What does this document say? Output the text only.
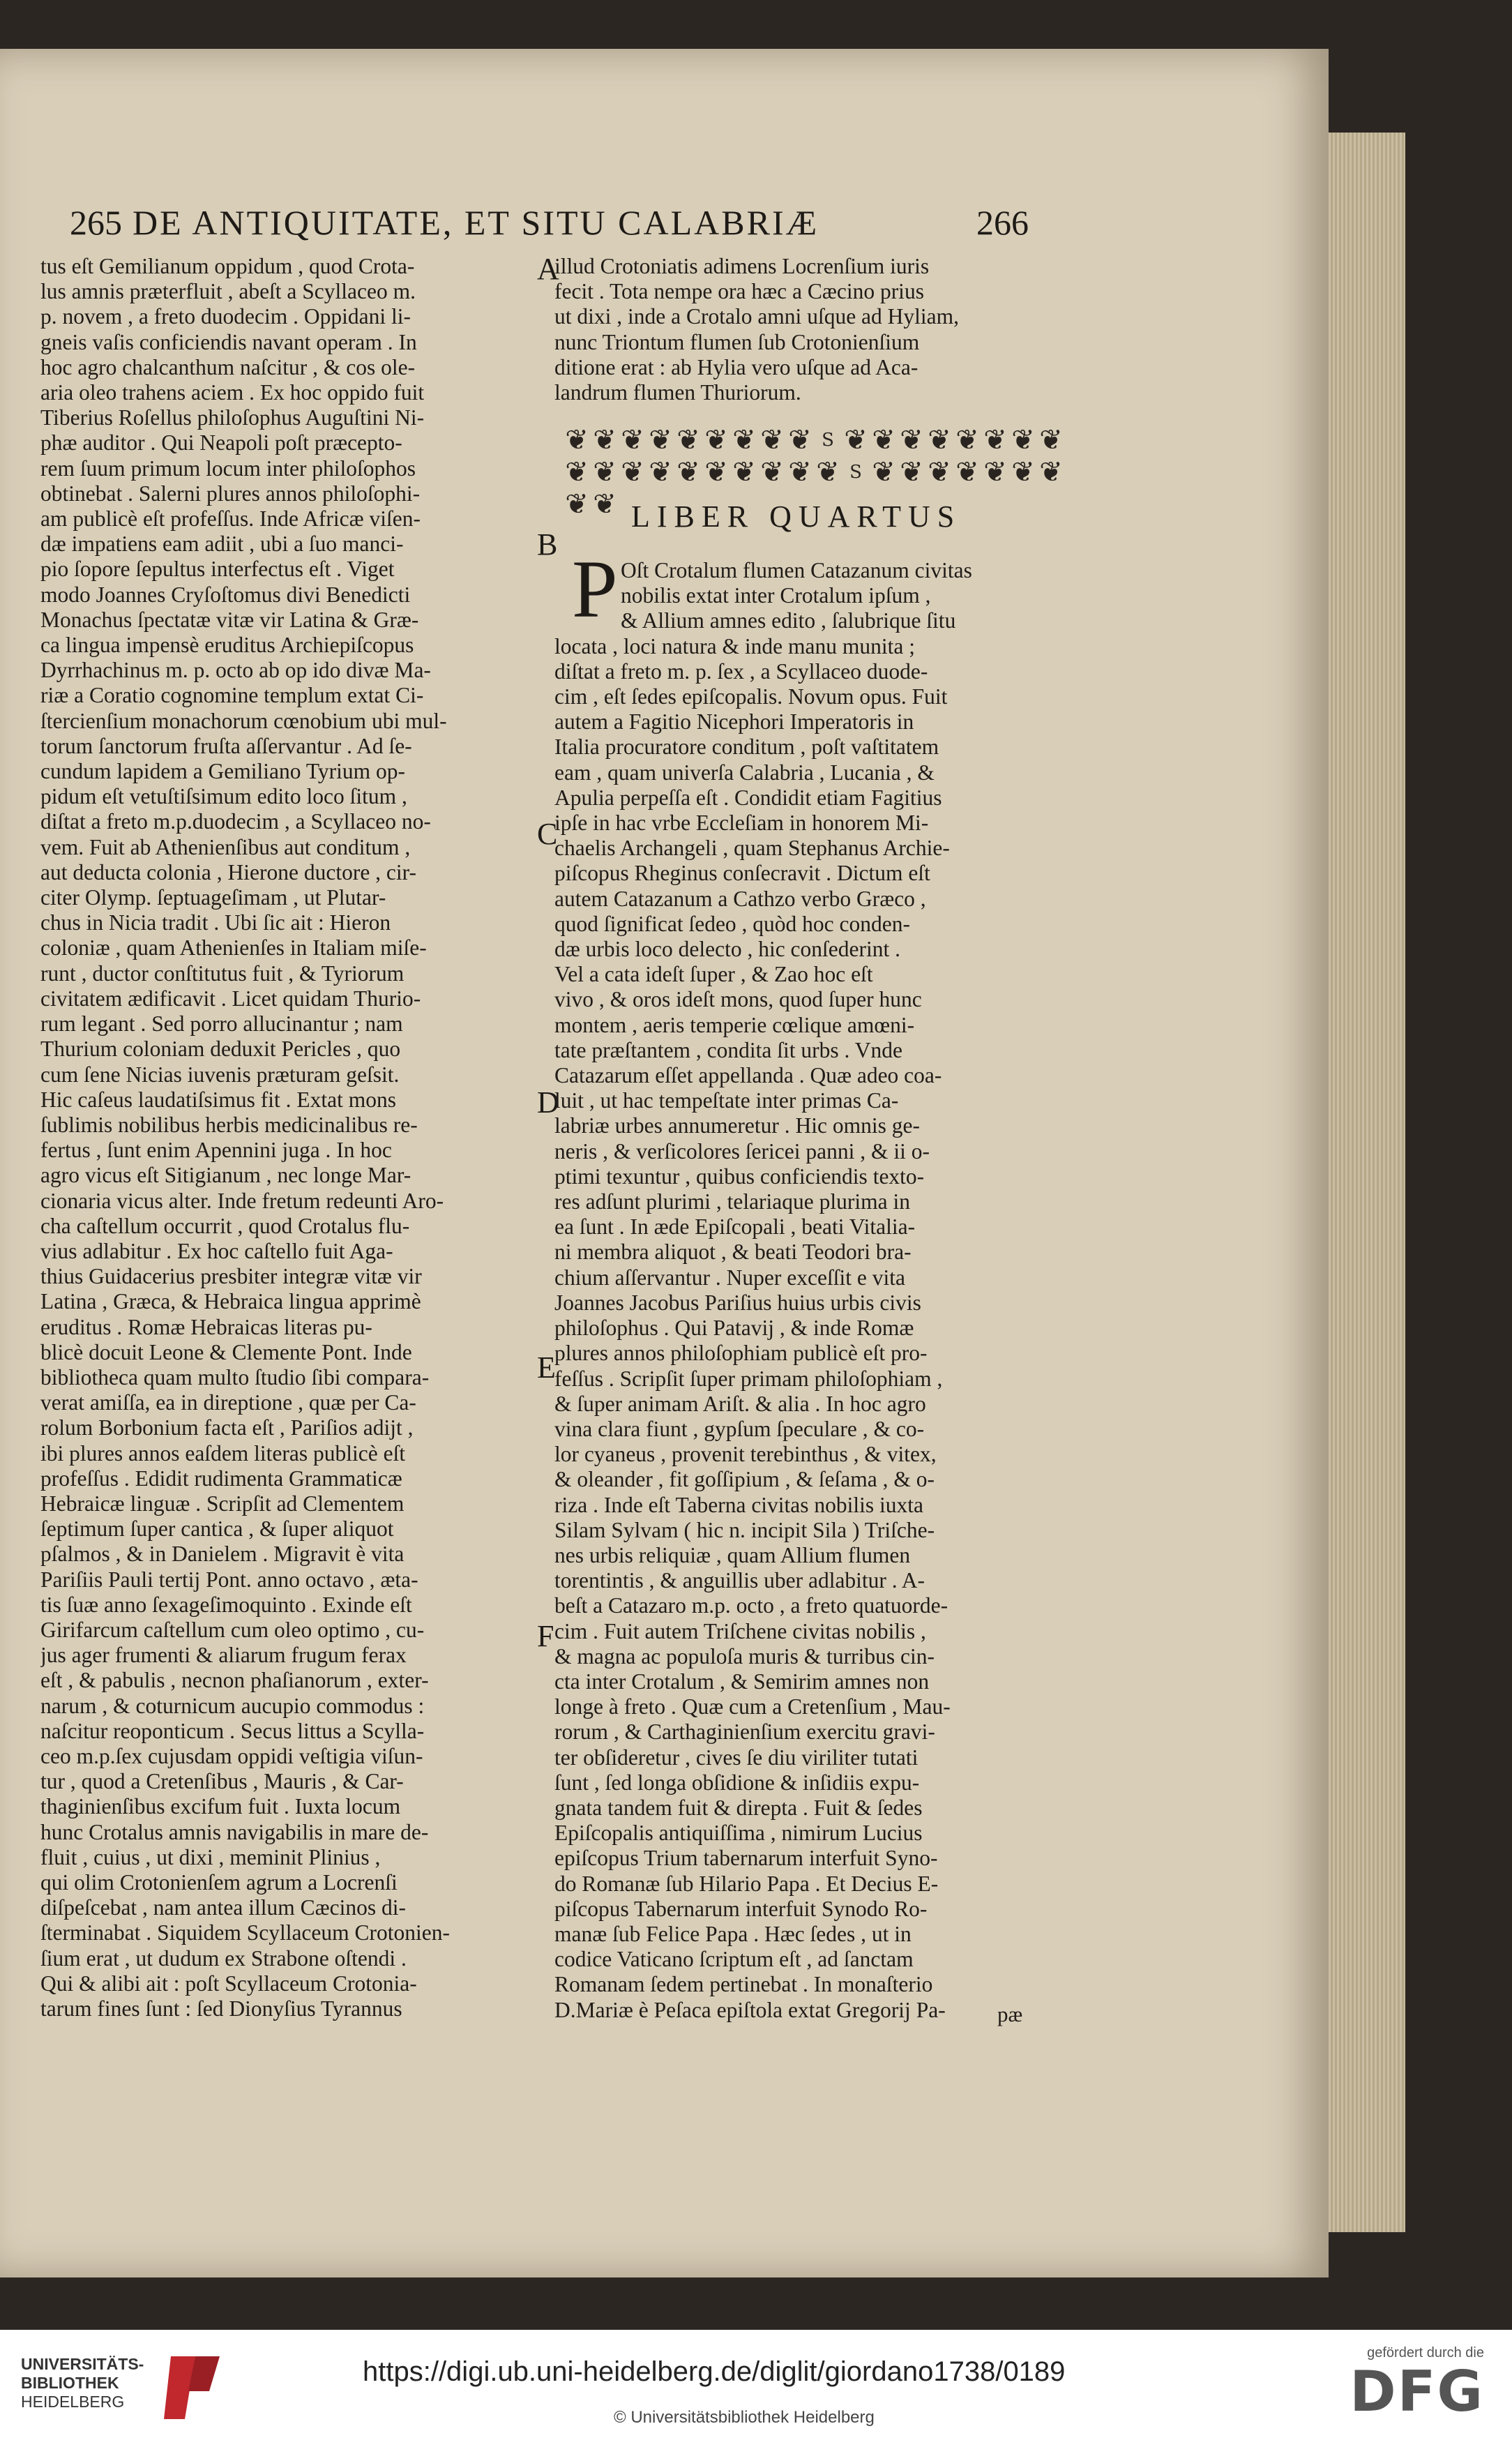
265 DE ANTIQUITATE, ET SITU CALABRIÆ	266
tus eſt Gemilianum oppidum , quod Crota-
lus amnis præterfluit , abeſt a Scyllaceo m.
p. novem , a freto duodecim . Oppidani li-
gneis vaſis conficiendis navant operam . In
hoc agro chalcanthum naſcitur , & cos ole-
aria oleo trahens aciem . Ex hoc oppido fuit
Tiberius Roſellus philoſophus Auguſtini Ni-
phæ auditor . Qui Neapoli poſt præcepto-
rem ſuum primum locum inter philoſophos
obtinebat . Salerni plures annos philoſophi-
am publicè eſt profeſſus. Inde Africæ viſen-
dæ impatiens eam adiit , ubi a ſuo manci-
pio ſopore ſepultus interfectus eſt . Viget
modo Joannes Cryſoſtomus divi Benedicti
Monachus ſpectatæ vitæ vir Latina & Græ-
ca lingua impensè eruditus Archiepiſcopus
Dyrrhachinus m. p. octo ab op ido divæ Ma-
riæ a Coratio cognomine templum extat Ci-
ſtercienſium monachorum cœnobium ubi mul-
torum ſanctorum fruſta aſſervantur . Ad ſe-
cundum lapidem a Gemiliano Tyrium op-
pidum eſt vetuſtiſsimum edito loco ſitum ,
diſtat a freto m.p.duodecim , a Scyllaceo no-
vem. Fuit ab Athenienſibus aut conditum ,
aut deducta colonia , Hierone ductore , cir-
citer Olymp. ſeptuageſimam , ut Plutar-
chus in Nicia tradit . Ubi ſic ait : Hieron
coloniæ , quam Athenienſes in Italiam miſe-
runt , ductor conſtitutus fuit , & Tyriorum
civitatem ædificavit . Licet quidam Thurio-
rum legant . Sed porro allucinantur ; nam
Thurium coloniam deduxit Pericles , quo
cum ſene Nicias iuvenis præturam geſsit.
Hic caſeus laudatiſsimus fit . Extat mons
ſublimis nobilibus herbis medicinalibus re-
fertus , ſunt enim Apennini juga . In hoc
agro vicus eſt Sitigianum , nec longe Mar-
cionaria vicus alter. Inde fretum redeunti Aro-
cha caſtellum occurrit , quod Crotalus flu-
vius adlabitur . Ex hoc caſtello fuit Aga-
thius Guidacerius presbiter integræ vitæ vir
Latina , Græca, & Hebraica lingua apprimè
eruditus . Romæ Hebraicas literas pu-
blicè docuit Leone & Clemente Pont. Inde
bibliotheca quam multo ſtudio ſibi compara-
verat amiſſa, ea in direptione , quæ per Ca-
rolum Borbonium facta eſt , Pariſios adijt ,
ibi plures annos eaſdem literas publicè eſt
profeſſus . Edidit rudimenta Grammaticæ
Hebraicæ linguæ . Scripſit ad Clementem
ſeptimum ſuper cantica , & ſuper aliquot
pſalmos , & in Danielem . Migravit è vita
Pariſiis Pauli tertij Pont. anno octavo , æta-
tis ſuæ anno ſexageſimoquinto . Exinde eſt
Girifarcum caſtellum cum oleo optimo , cu-
jus ager frumenti & aliarum frugum ferax
eſt , & pabulis , necnon phaſianorum , exter-
narum , & coturnicum aucupio commodus :
naſcitur reoponticum . Secus littus a Scylla-
ceo m.p.ſex cujusdam oppidi veſtigia viſun-
tur , quod a Cretenſibus , Mauris , & Car-
thaginienſibus excifum fuit . Iuxta locum
hunc Crotalus amnis navigabilis in mare de-
fluit , cuius , ut dixi , meminit Plinius ,
qui olim Crotonienſem agrum a Locrenſi
diſpeſcebat , nam antea illum Cæcinos di-
ſterminabat . Siquidem Scyllaceum Crotonien-
ſium erat , ut dudum ex Strabone oſtendi .
Qui & alibi ait : poſt Scyllaceum Crotonia-
tarum fines ſunt : ſed Dionyſius Tyrannus
illud Crotoniatis adimens Locrenſium iuris
fecit . Tota nempe ora hæc a Cæcino prius
ut dixi , inde a Crotalo amni uſque ad Hyliam,
nunc Triontum flumen ſub Crotonienſium
ditione erat : ab Hylia vero uſque ad Aca-
landrum flumen Thuriorum.
❦ ❦ ❦ ❦ ❦ ❦ ❦ ❦ ❦ S ❦ ❦ ❦ ❦ ❦ ❦ ❦ ❦
❦ ❦ ❦ ❦ ❦ ❦ ❦ ❦ ❦ ❦ S ❦ ❦ ❦ ❦ ❦ ❦ ❦
❦ ❦ LIBER QUARTUS
P Oſt Crotalum flumen Catazanum civitas
nobilis extat inter Crotalum ipſum ,
& Allium amnes edito , ſalubrique ſitu
locata , loci natura & inde manu munita ;
diſtat a freto m. p. ſex , a Scyllaceo duode-
cim , eſt ſedes epiſcopalis. Novum opus. Fuit
autem a Fagitio Nicephori Imperatoris in
Italia procuratore conditum , poſt vaſtitatem
eam , quam univerſa Calabria , Lucania , &
Apulia perpeſſa eſt . Condidit etiam Fagitius
ipſe in hac vrbe Eccleſiam in honorem Mi-
chaelis Archangeli , quam Stephanus Archie-
piſcopus Rheginus conſecravit . Dictum eſt
autem Catazanum a Cathzo verbo Græco ,
quod ſignificat ſedeo , quòd hoc conden-
dæ urbis loco delecto , hic conſederint .
Vel a cata ideſt ſuper , & Zao hoc eſt
vivo , & oros ideſt mons, quod ſuper hunc
montem , aeris temperie cœlique amœni-
tate præſtantem , condita ſit urbs . Vnde
Catazarum eſſet appellanda . Quæ adeo coa-
luit , ut hac tempeſtate inter primas Ca-
labriæ urbes annumeretur . Hic omnis ge-
neris , & verſicolores ſericei panni , & ii o-
ptimi texuntur , quibus conficiendis texto-
res adſunt plurimi , telariaque plurima in
ea ſunt . In æde Epiſcopali , beati Vitalia-
ni membra aliquot , & beati Teodori bra-
chium aſſervantur . Nuper exceſſit e vita
Joannes Jacobus Pariſius huius urbis civis
philoſophus . Qui Patavij , & inde Romæ
plures annos philoſophiam publicè eſt pro-
feſſus . Scripſit ſuper primam philoſophiam ,
& ſuper animam Ariſt. & alia . In hoc agro
vina clara fiunt , gypſum ſpeculare , & co-
lor cyaneus , provenit terebinthus , & vitex,
& oleander , fit goſſipium , & ſeſama , & o-
riza . Inde eſt Taberna civitas nobilis iuxta
Silam Sylvam ( hic n. incipit Sila ) Triſche-
nes urbis reliquiæ , quam Allium flumen
torentintis , & anguillis uber adlabitur . A-
beſt a Catazaro m.p. octo , a freto quatuorde-
cim . Fuit autem Triſchene civitas nobilis ,
& magna ac populoſa muris & turribus cin-
cta inter Crotalum , & Semirim amnes non
longe à freto . Quæ cum a Cretenſium , Mau-
rorum , & Carthaginienſium exercitu gravi-
ter obſideretur , cives ſe diu viriliter tutati
ſunt , ſed longa obſidione & inſidiis expu-
gnata tandem fuit & direpta . Fuit & ſedes
Epiſcopalis antiquiſſima , nimirum Lucius
epiſcopus Trium tabernarum interfuit Syno-
do Romanæ ſub Hilario Papa . Et Decius E-
piſcopus Tabernarum interfuit Synodo Ro-
manæ ſub Felice Papa . Hæc ſedes , ut in
codice Vaticano ſcriptum eſt , ad ſanctam
Romanam ſedem pertinebat . In monaſterio
D.Mariæ è Peſaca epiſtola extat Gregorij Pa-
A
B
C
D
E
F
pæ
UNIVERSITÄTS-
BIBLIOTHEK
HEIDELBERG
https://digi.ub.uni-heidelberg.de/diglit/giordano1738/0189
© Universitätsbibliothek Heidelberg
gefördert durch die
DFG
